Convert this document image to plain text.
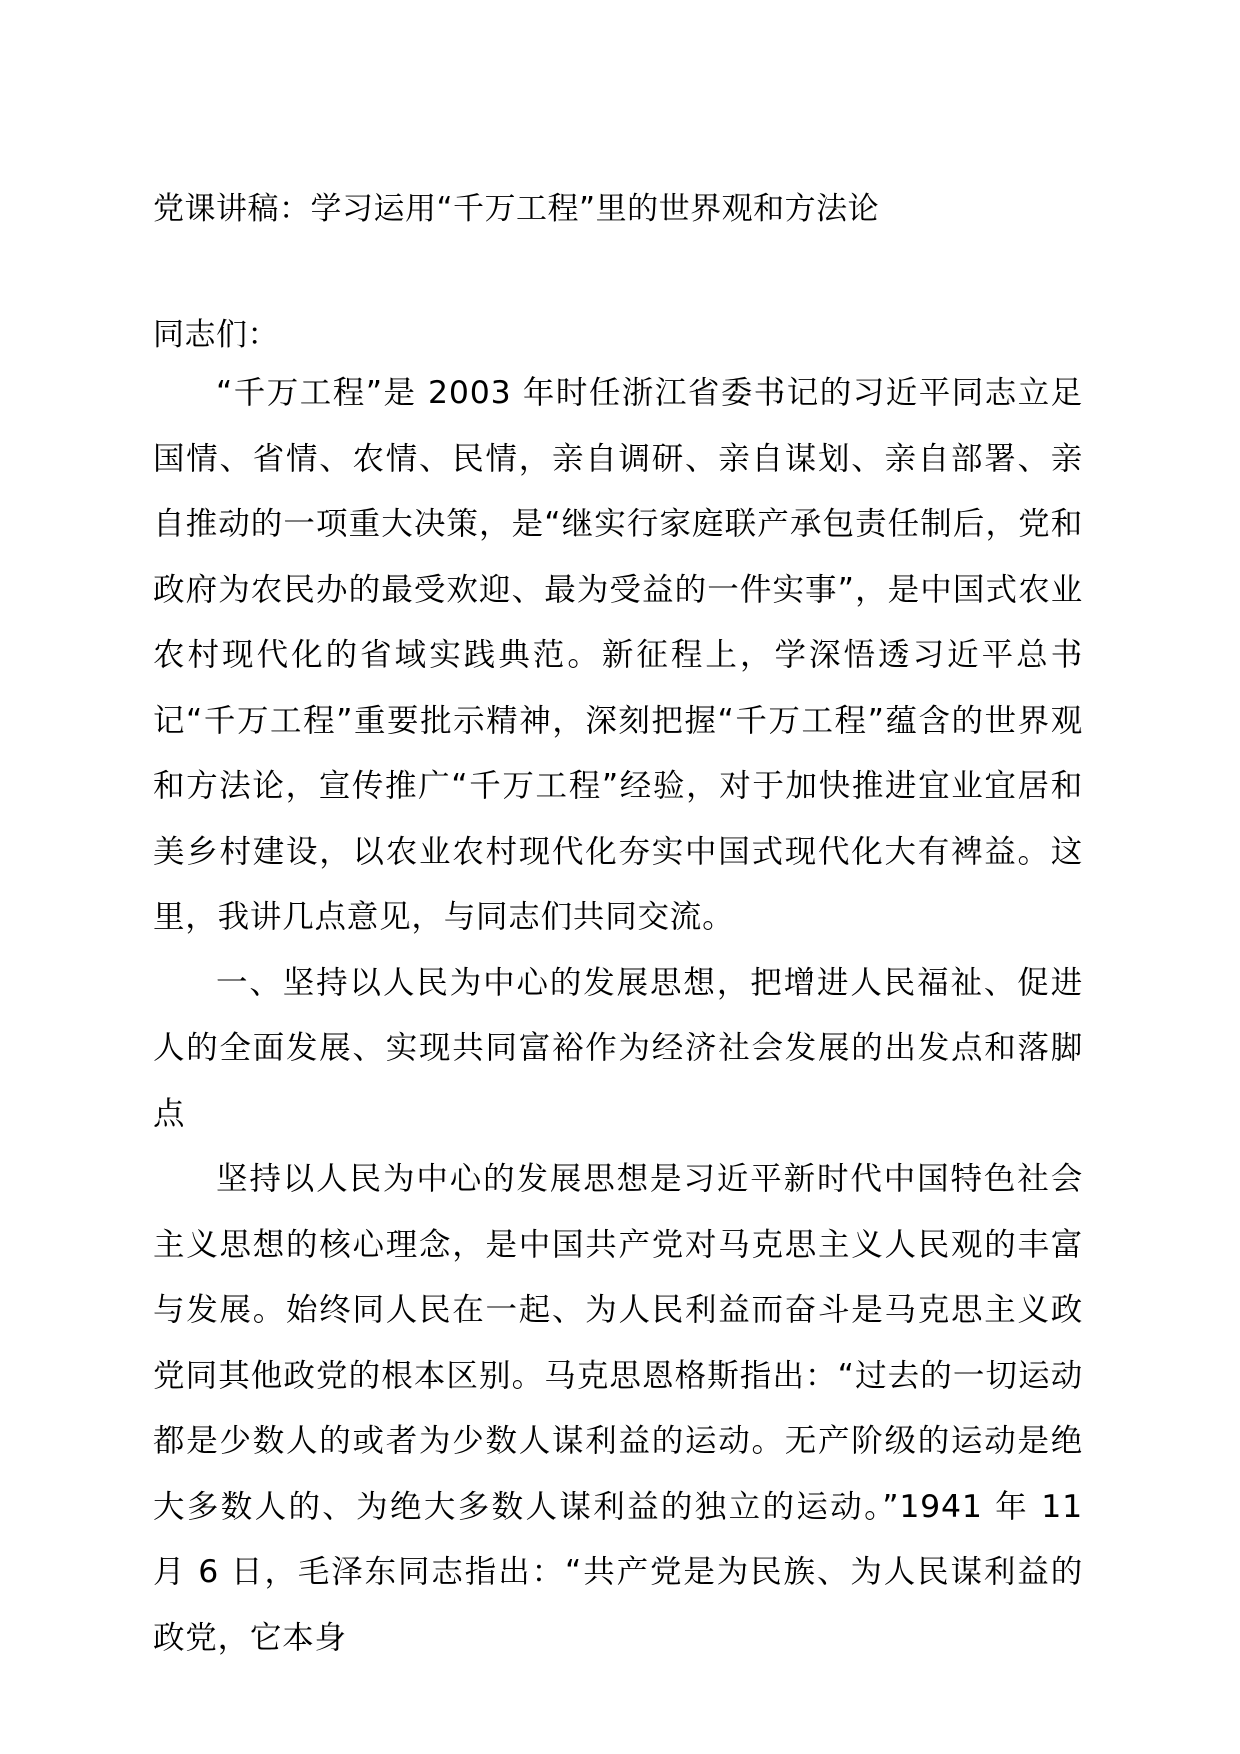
党课讲稿：学习运用“千万工程”里的世界观和方法论

同志们：

“千万工程”是 2003 年时任浙江省委书记的习近平同志立足国情、省情、农情、民情，亲自调研、亲自谋划、亲自部署、亲自推动的一项重大决策，是“继实行家庭联产承包责任制后，党和政府为农民办的最受欢迎、最为受益的一件实事”，是中国式农业农村现代化的省域实践典范。新征程上，学深悟透习近平总书记“千万工程”重要批示精神，深刻把握“千万工程”蕴含的世界观和方法论，宣传推广“千万工程”经验，对于加快推进宜业宜居和美乡村建设，以农业农村现代化夯实中国式现代化大有裨益。这里，我讲几点意见，与同志们共同交流。

一、坚持以人民为中心的发展思想，把增进人民福祉、促进人的全面发展、实现共同富裕作为经济社会发展的出发点和落脚点

坚持以人民为中心的发展思想是习近平新时代中国特色社会主义思想的核心理念，是中国共产党对马克思主义人民观的丰富与发展。始终同人民在一起、为人民利益而奋斗是马克思主义政党同其他政党的根本区别。马克思恩格斯指出：“过去的一切运动都是少数人的或者为少数人谋利益的运动。无产阶级的运动是绝大多数人的、为绝大多数人谋利益的独立的运动。”1941 年 11 月 6 日，毛泽东同志指出：“共产党是为民族、为人民谋利益的政党，它本身
